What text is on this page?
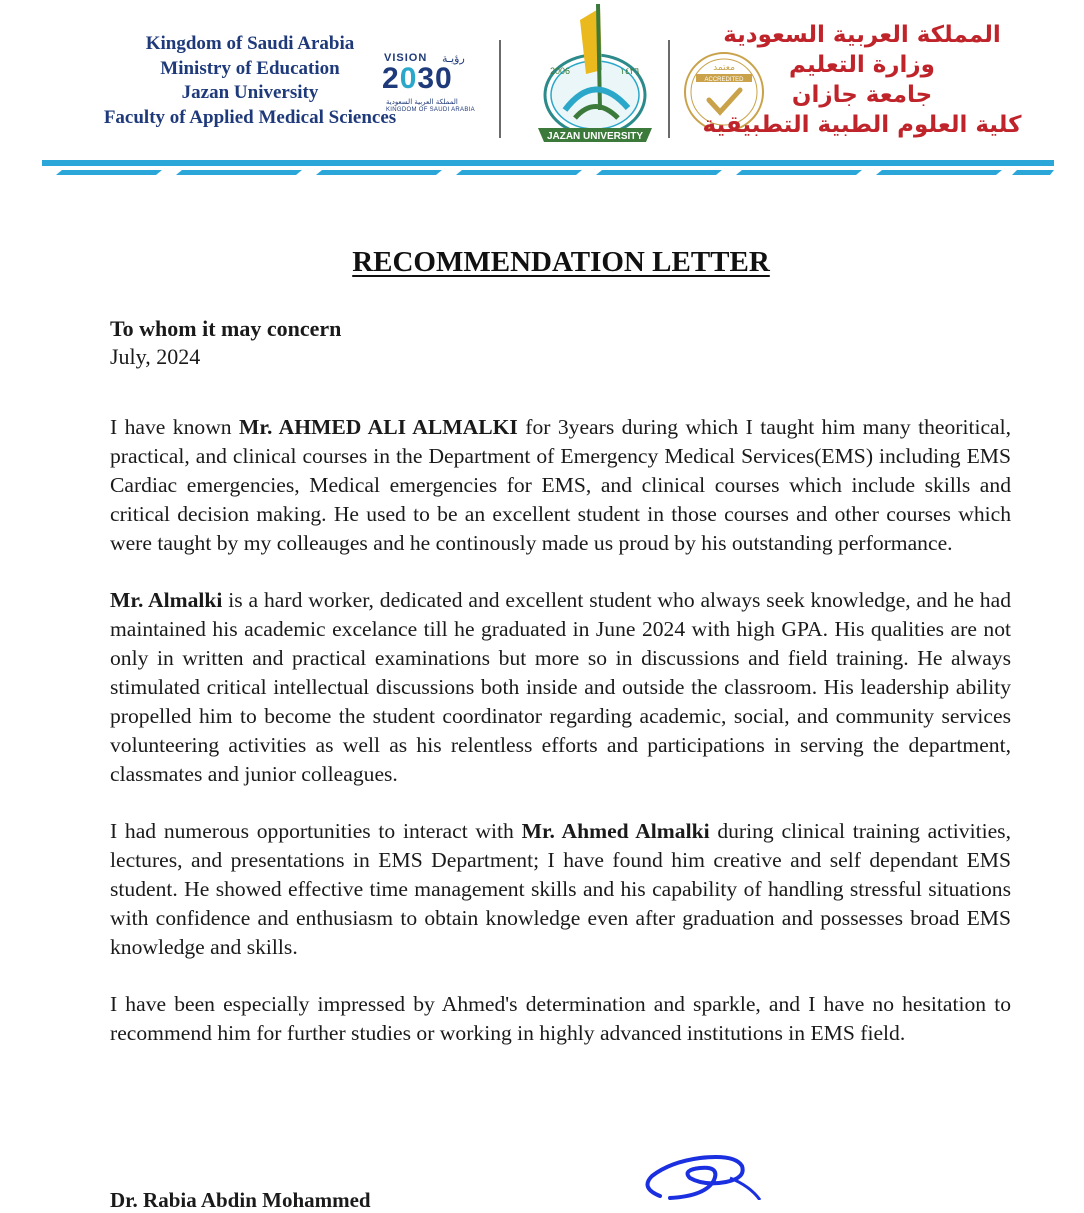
Kingdom of Saudi Arabia
Ministry of Education
Jazan University
Faculty of Applied Medical Sciences
VISION رؤيـة
2030
المملكة العربية السعودية
KINGDOM OF SAUDI ARABIA
2006	١٤٢٦
JAZAN UNIVERSITY
معتمد
ACCREDITED
المملكة العربية السعودية
وزارة التعليم
جامعة جازان
كلية العلوم الطبية التطبيقية
RECOMMENDATION LETTER
To whom it may concern
July, 2024

I have known Mr. AHMED ALI ALMALKI for 3years during which I taught him many theoritical, practical, and clinical courses in the Department of Emergency Medical Services(EMS) including EMS Cardiac emergencies, Medical emergencies for EMS, and clinical courses which include skills and critical decision making. He used to be an excellent student in those courses and other courses which were taught by my colleauges and he continously made us proud by his outstanding performance.

Mr. Almalki is a hard worker, dedicated and excellent student who always seek knowledge, and he had maintained his academic excelance till he graduated in June 2024 with high GPA. His qualities are not only in written and practical examinations but more so in discussions and field training. He always stimulated critical intellectual discussions both inside and outside the classroom. His leadership ability propelled him to become the student coordinator regarding academic, social, and community services volunteering activities as well as his relentless efforts and participations in serving the department, classmates and junior colleagues.

I had numerous opportunities to interact with Mr. Ahmed Almalki during clinical training activities, lectures, and presentations in EMS Department; I have found him creative and self dependant EMS student. He showed effective time management skills and his capability of handling stressful situations with confidence and enthusiasm to obtain knowledge even after graduation and possesses broad EMS knowledge and skills.

I have been especially impressed by Ahmed's determination and sparkle, and I have no hesitation to recommend him for further studies or working in highly advanced institutions in EMS field.

Dr. Rabia Abdin Mohammed
